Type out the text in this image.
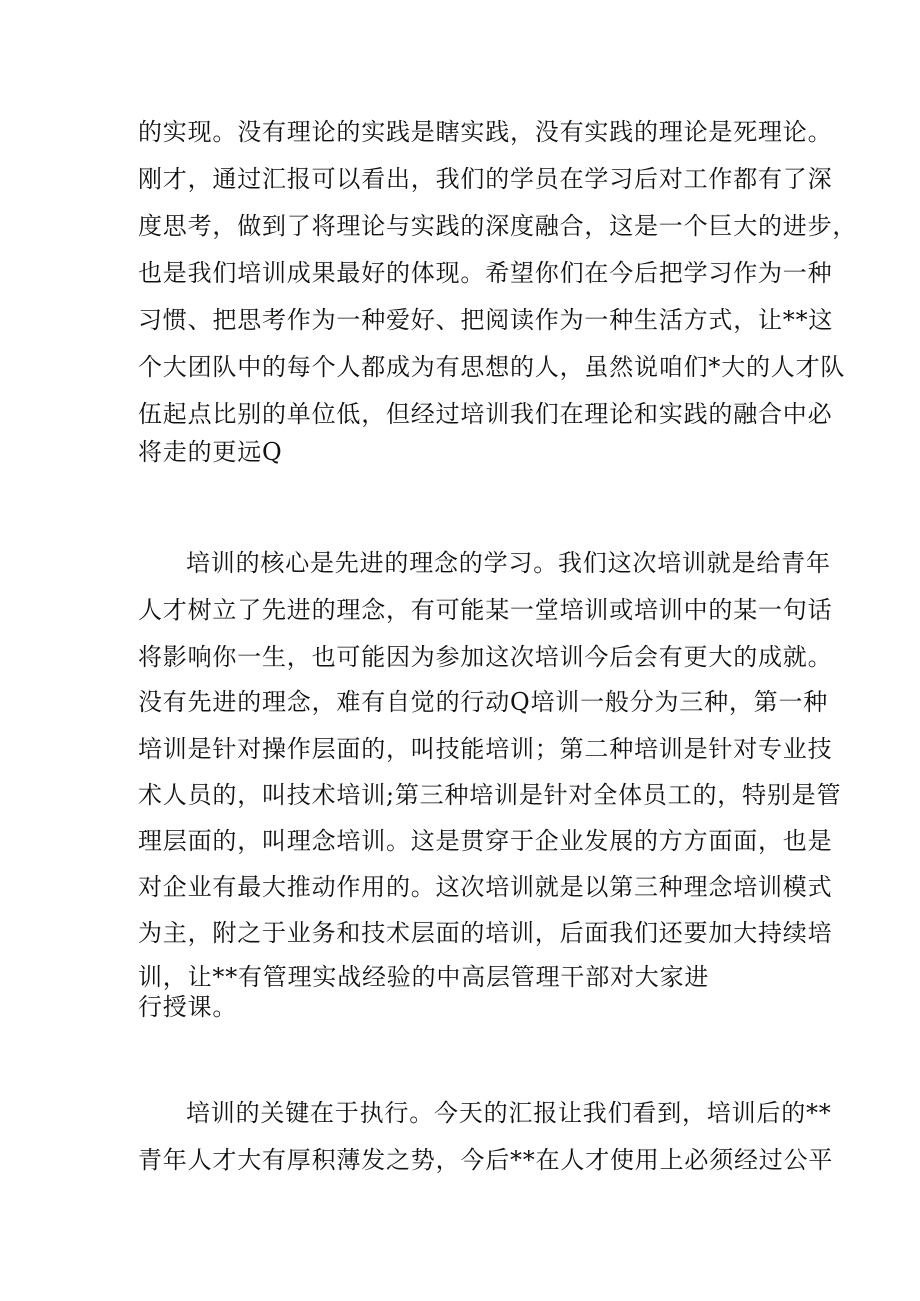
的实现。没有理论的实践是瞎实践，没有实践的理论是死理论。

刚才，通过汇报可以看出，我们的学员在学习后对工作都有了深

度思考，做到了将理论与实践的深度融合，这是一个巨大的进步，

也是我们培训成果最好的体现。希望你们在今后把学习作为一种

习惯、把思考作为一种爱好、把阅读作为一种生活方式，让**这

个大团队中的每个人都成为有思想的人，虽然说咱们*大的人才队

伍起点比别的单位低，但经过培训我们在理论和实践的融合中必

将走的更远Q

培训的核心是先进的理念的学习。我们这次培训就是给青年

人才树立了先进的理念，有可能某一堂培训或培训中的某一句话

将影响你一生，也可能因为参加这次培训今后会有更大的成就。

没有先进的理念，难有自觉的行动Q培训一般分为三种，第一种

培训是针对操作层面的，叫技能培训；第二种培训是针对专业技

术人员的，叫技术培训;第三种培训是针对全体员工的，特别是管

理层面的，叫理念培训。这是贯穿于企业发展的方方面面，也是

对企业有最大推动作用的。这次培训就是以第三种理念培训模式

为主，附之于业务和技术层面的培训，后面我们还要加大持续培

训，让**有管理实战经验的中高层管理干部对大家进

行授课。

培训的关键在于执行。今天的汇报让我们看到，培训后的**

青年人才大有厚积薄发之势，今后**在人才使用上必须经过公平
